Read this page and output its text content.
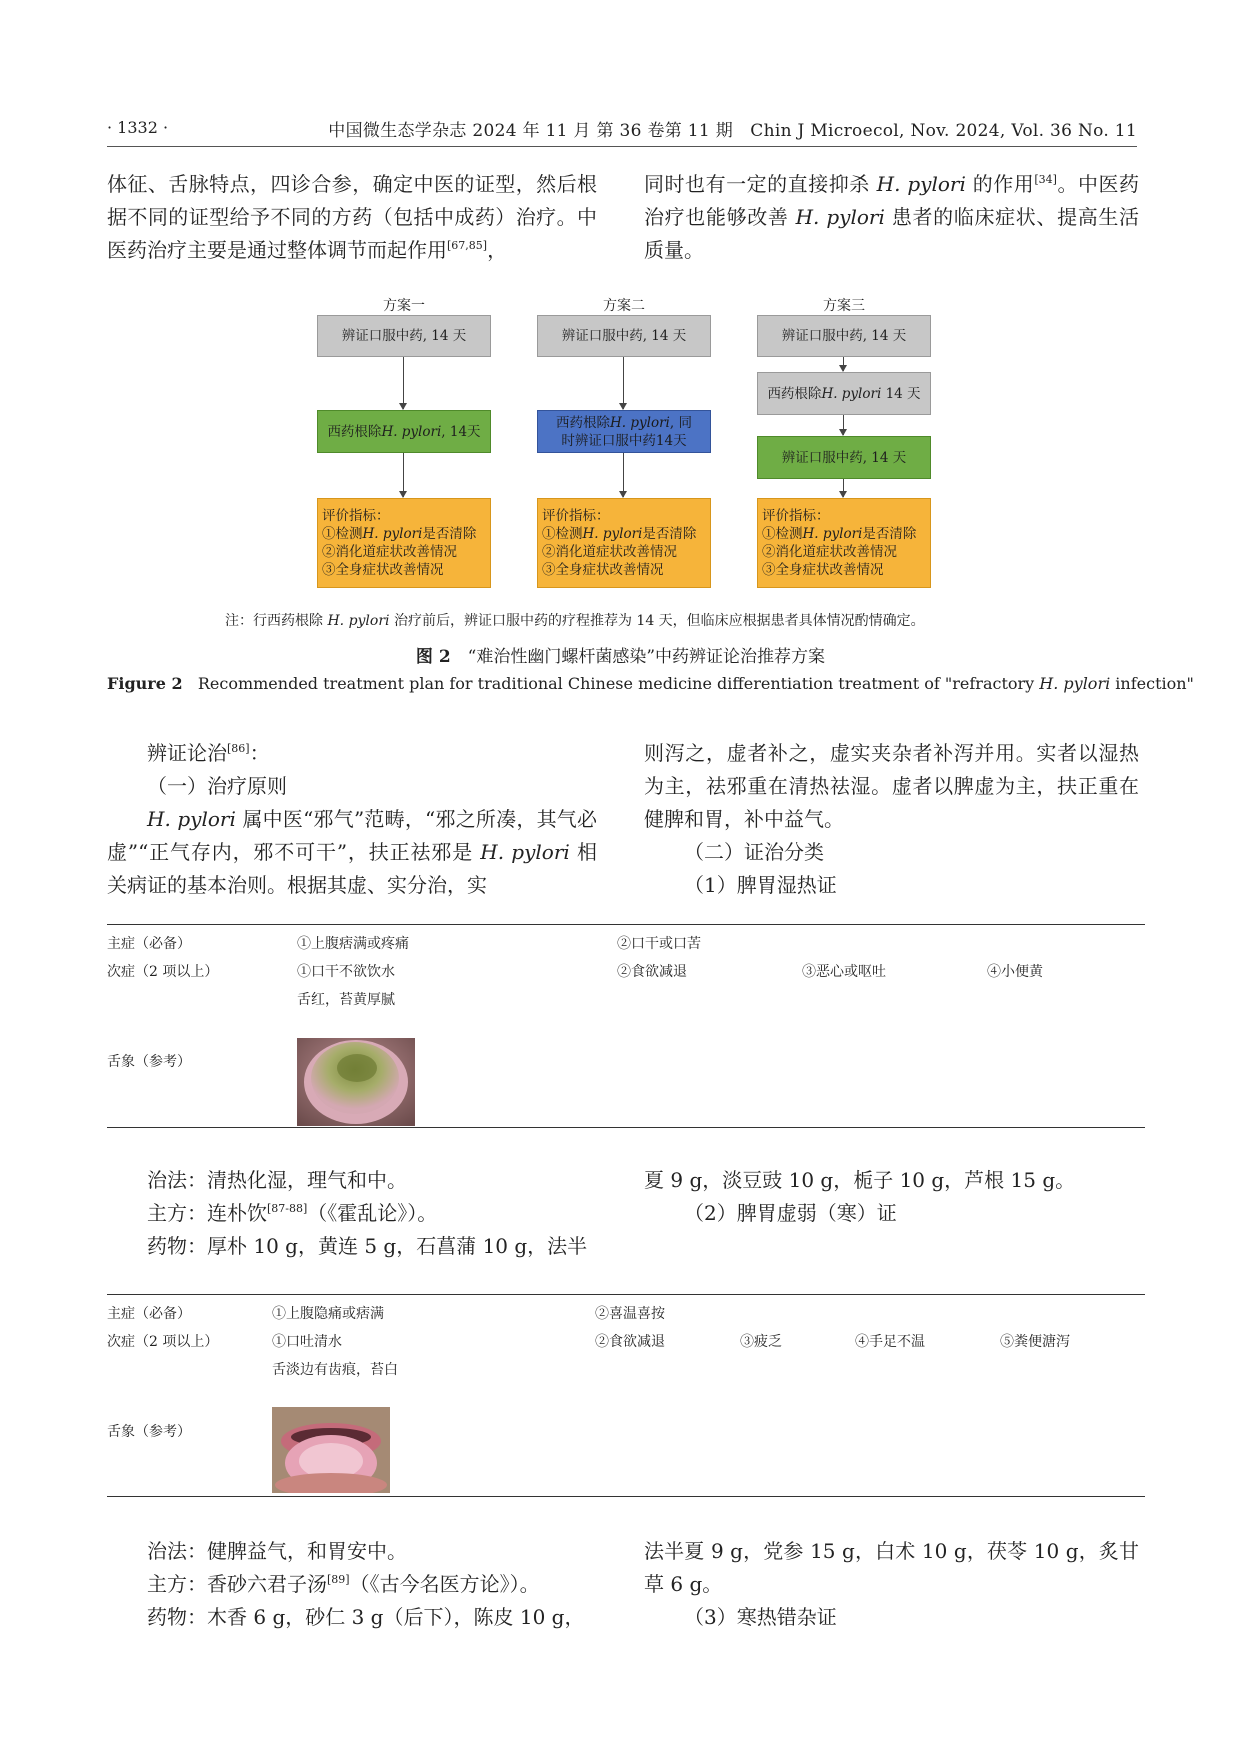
· 1332 ·	中国微生态学杂志 2024 年 11 月 第 36 卷第 11 期　Chin J Microecol, Nov. 2024, Vol. 36 No. 11

体征、舌脉特点，四诊合参，确定中医的证型，然后根据不同的证型给予不同的方药（包括中成药）治疗。中医药治疗主要是通过整体调节而起作用[67,85]，

同时也有一定的直接抑杀 H. pylori 的作用[34]。中医药治疗也能够改善 H. pylori 患者的临床症状、提高生活质量。

方案一
辨证口服中药, 14 天
西药根除H. pylori, 14天
评价指标：
①检测H. pylori是否清除
②消化道症状改善情况
③全身症状改善情况
方案二
辨证口服中药, 14 天
西药根除H. pylori, 同
时辨证口服中药14天
评价指标：
①检测H. pylori是否清除
②消化道症状改善情况
③全身症状改善情况
方案三
辨证口服中药, 14 天
西药根除H. pylori 14 天
辨证口服中药, 14 天
评价指标：
①检测H. pylori是否清除
②消化道症状改善情况
③全身症状改善情况
注：行西药根除 H. pylori 治疗前后，辨证口服中药的疗程推荐为 14 天，但临床应根据患者具体情况酌情确定。
图 2　 “难治性幽门螺杆菌感染”中药辨证论治推荐方案
Figure 2 Recommended treatment plan for traditional Chinese medicine differentiation treatment of "refractory H. pylori infection"

辨证论治[86]：

（一）治疗原则

H. pylori 属中医“邪气”范畴，“邪之所凑，其气必虚”“正气存内，邪不可干”，扶正祛邪是 H. pylori 相关病证的基本治则。根据其虚、实分治，实

则泻之，虚者补之，虚实夹杂者补泻并用。实者以湿热为主，祛邪重在清热祛湿。虚者以脾虚为主，扶正重在健脾和胃，补中益气。

（二）证治分类

（1）脾胃湿热证

主症（必备）	①上腹痞满或疼痛	②口干或口苦
次症（2 项以上）	①口干不欲饮水	②食欲减退	③恶心或呕吐	④小便黄
舌红，苔黄厚腻
舌象（参考）

治法：清热化湿，理气和中。

主方：连朴饮[87-88]（《霍乱论》）。

药物：厚朴 10 g，黄连 5 g，石菖蒲 10 g，法半

夏 9 g，淡豆豉 10 g，栀子 10 g，芦根 15 g。

（2）脾胃虚弱（寒）证

主症（必备）	①上腹隐痛或痞满	②喜温喜按
次症（2 项以上）	①口吐清水	②食欲减退	③疲乏	④手足不温	⑤粪便溏泻
舌淡边有齿痕，苔白
舌象（参考）

治法：健脾益气，和胃安中。

主方：香砂六君子汤[89]（《古今名医方论》）。

药物：木香 6 g，砂仁 3 g（后下），陈皮 10 g，

法半夏 9 g，党参 15 g，白术 10 g，茯苓 10 g，炙甘草 6 g。

（3）寒热错杂证
